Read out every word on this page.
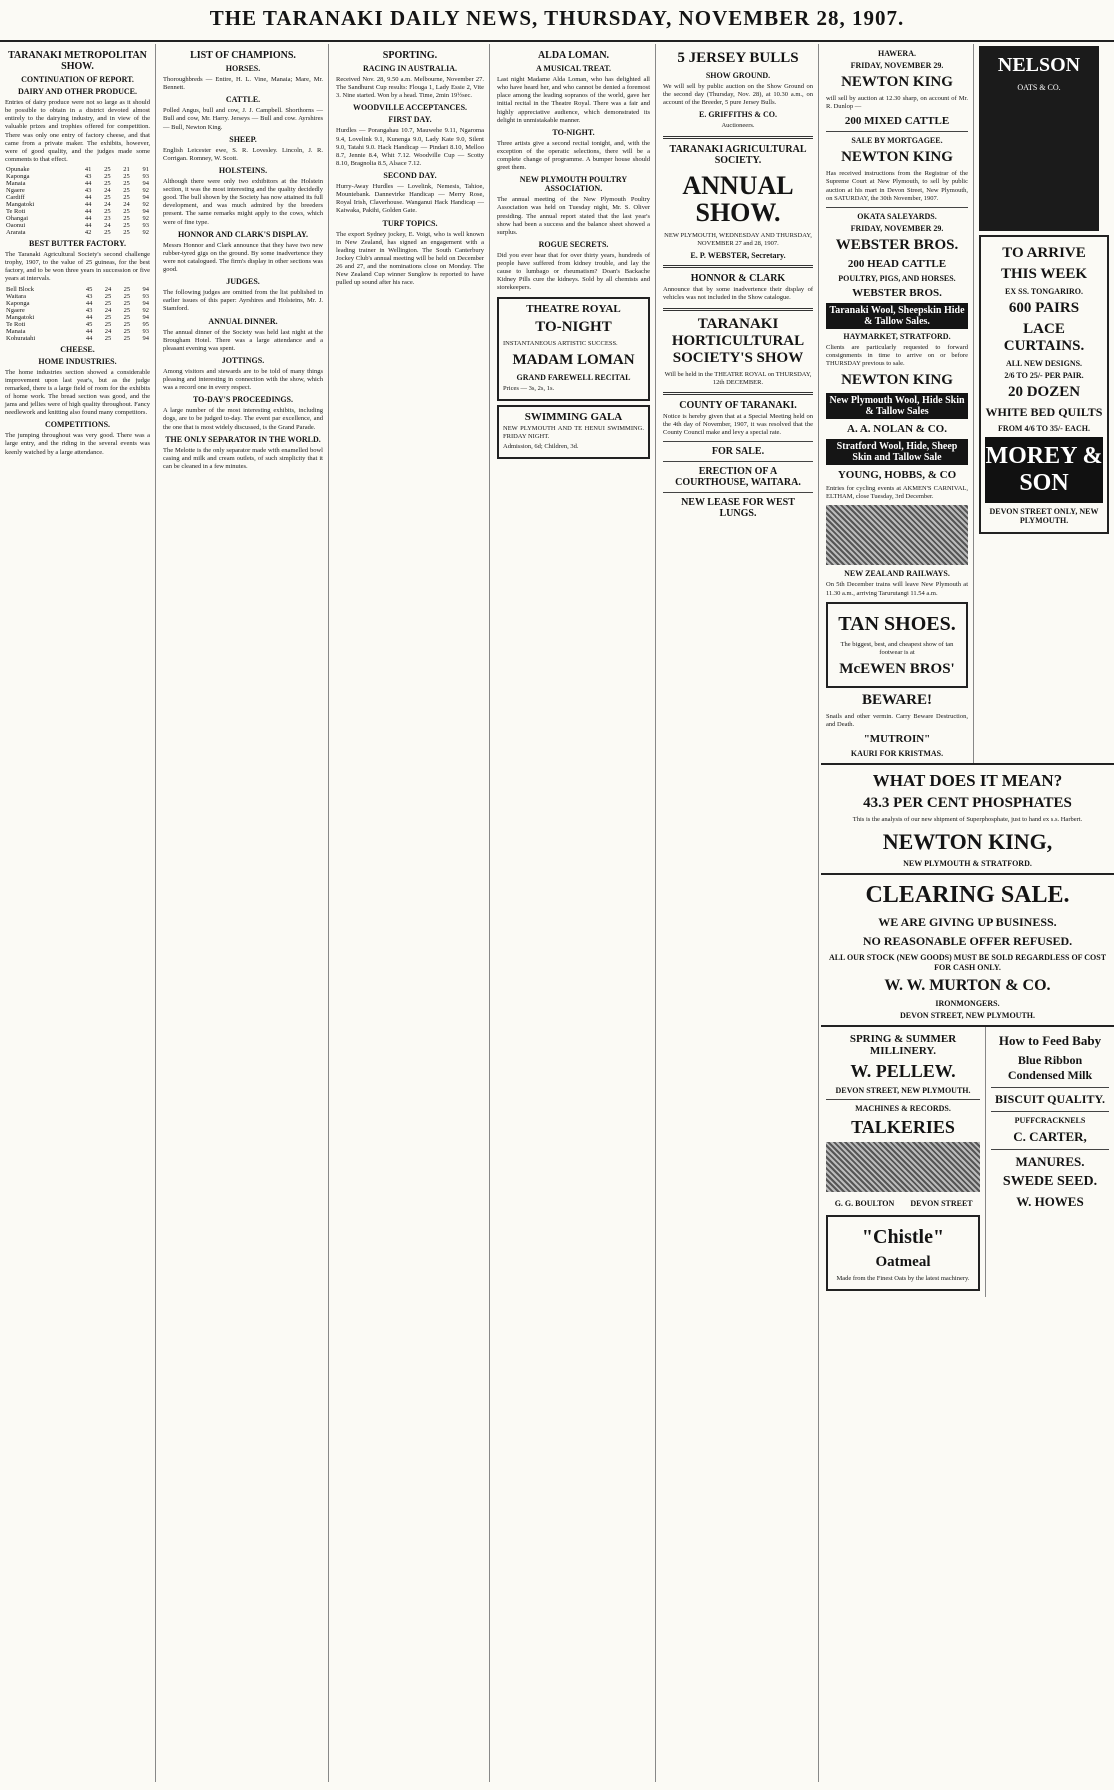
THE TARANAKI DAILY NEWS, THURSDAY, NOVEMBER 28, 1907.
TARANAKI METROPOLITAN SHOW.
CONTINUATION OF REPORT.
DAIRY AND OTHER PRODUCE.

Entries of dairy produce were not so large as it should be possible to obtain in a district devoted almost entirely to the dairying industry, and in view of the valuable prizes and trophies offered for competition. There was only one entry of factory cheese, and that came from a private maker. The exhibits, however, were of good quality, and the judges made some comments to that effect.

Opunake	41	25	21	91
Kaponga	43	25	25	93
Manaia	44	25	25	94
Ngaere	43	24	25	92
Cardiff	44	25	25	94
Mangatoki	44	24	24	92
Te Roti	44	25	25	94
Ohangai	44	23	25	92
Oaonui	44	24	25	93
Ararata	42	25	25	92
BEST BUTTER FACTORY.

The Taranaki Agricultural Society's second challenge trophy, 1907, to the value of 25 guineas, for the best factory, and to be won three years in succession or five years at intervals.

Bell Block	45	24	25	94
Waitara	43	25	25	93
Kaponga	44	25	25	94
Ngaere	43	24	25	92
Mangatoki	44	25	25	94
Te Roti	45	25	25	95
Manaia	44	24	25	93
Kohuratahi	44	25	25	94
CHEESE.
HOME INDUSTRIES.

The home industries section showed a considerable improvement upon last year's, but as the judge remarked, there is a large field of room for the exhibits of home work. The bread section was good, and the jams and jellies were of high quality throughout. Fancy needlework and knitting also found many competitors.

COMPETITIONS.

The jumping throughout was very good. There was a large entry, and the riding in the several events was keenly watched by a large attendance.

LIST OF CHAMPIONS.
HORSES.

Thoroughbreds — Entire, H. L. Vine, Manaia; Mare, Mr. Bennett.

CATTLE.

Polled Angus, bull and cow, J. J. Campbell. Shorthorns — Bull and cow, Mr. Harry. Jerseys — Bull and cow. Ayrshires — Bull, Newton King.

SHEEP.

English Leicester ewe, S. R. Lovesley. Lincoln, J. R. Corrigan. Romney, W. Scott.

HOLSTEINS.

Although there were only two exhibitors at the Holstein section, it was the most interesting and the quality decidedly good. The bull shown by the Society has now attained its full development, and was much admired by the breeders present. The same remarks might apply to the cows, which were of fine type.

HONNOR AND CLARK'S DISPLAY.

Messrs Honnor and Clark announce that they have two new rubber-tyred gigs on the ground. By some inadvertence they were not catalogued. The firm's display in other sections was good.

JUDGES.

The following judges are omitted from the list published in earlier issues of this paper: Ayrshires and Holsteins, Mr. J. Stamford.

ANNUAL DINNER.

The annual dinner of the Society was held last night at the Brougham Hotel. There was a large attendance and a pleasant evening was spent.

JOTTINGS.

Among visitors and stewards are to be told of many things pleasing and interesting in connection with the show, which was a record one in every respect.

TO-DAY'S PROCEEDINGS.

A large number of the most interesting exhibits, including dogs, are to be judged to-day. The event par excellence, and the one that is most widely discussed, is the Grand Parade.

THE ONLY SEPARATOR IN THE WORLD.

The Melotte is the only separator made with enamelled bowl casing and milk and cream outlets, of such simplicity that it can be cleaned in a few minutes.

SPORTING.
RACING IN AUSTRALIA.

Received Nov. 28, 9.50 a.m. Melbourne, November 27. The Sandhurst Cup results: Flouga 1, Lady Essie 2, Vite 3. Nine started. Won by a head. Time, 2min 19½sec.

WOODVILLE ACCEPTANCES.
FIRST DAY.

Hurdles — Porangahau 10.7, Mauwehe 9.11, Ngaroma 9.4, Lovelink 9.1, Kunenga 9.0, Lady Kate 9.0, Silent 9.0, Tatahi 9.0. Hack Handicap — Pindari 8.10, Melloo 8.7, Jennie 8.4, Whit 7.12. Woodville Cup — Scotty 8.10, Bragnolia 8.5, Alsace 7.12.

SECOND DAY.

Hurry-Away Hurdles — Lovelink, Nemesis, Tahioe, Mountebank. Dannevirke Handicap — Merry Rose, Royal Irish, Claverhouse. Wanganui Hack Handicap — Kaiwaka, Pakihi, Golden Gate.

TURF TOPICS.

The export Sydney jockey, E. Voigt, who is well known in New Zealand, has signed an engagement with a leading trainer in Wellington. The South Canterbury Jockey Club's annual meeting will be held on December 26 and 27, and the nominations close on Monday. The New Zealand Cup winner Sunglow is reported to have pulled up sound after his race.

ALDA LOMAN.
A MUSICAL TREAT.

Last night Madame Alda Loman, who has delighted all who have heard her, and who cannot be denied a foremost place among the leading sopranos of the world, gave her initial recital in the Theatre Royal. There was a fair and highly appreciative audience, which demonstrated its delight in unmistakable manner.

TO-NIGHT.

Three artists give a second recital tonight, and, with the exception of the operatic selections, there will be a complete change of programme. A bumper house should greet them.

NEW PLYMOUTH POULTRY ASSOCIATION.

The annual meeting of the New Plymouth Poultry Association was held on Tuesday night, Mr. S. Oliver presiding. The annual report stated that the last year's show had been a success and the balance sheet showed a surplus.

ROGUE SECRETS.

Did you ever hear that for over thirty years, hundreds of people have suffered from kidney trouble, and lay the cause to lumbago or rheumatism? Doan's Backache Kidney Pills cure the kidneys. Sold by all chemists and storekeepers.

THEATRE ROYAL
TO-NIGHT
INSTANTANEOUS ARTISTIC SUCCESS.
MADAM LOMAN
GRAND FAREWELL RECITAL
Prices — 3s, 2s, 1s.
SWIMMING GALA
NEW PLYMOUTH AND TE HENUI SWIMMING. FRIDAY NIGHT.
Admission, 6d; Children, 3d.
5 JERSEY BULLS
SHOW GROUND.

We will sell by public auction on the Show Ground on the second day (Thursday, Nov. 28), at 10.30 a.m., on account of the Breeder, 5 pure Jersey Bulls.

E. GRIFFITHS & CO.
Auctioneers.
TARANAKI AGRICULTURAL SOCIETY.
ANNUAL SHOW.

NEW PLYMOUTH, WEDNESDAY AND THURSDAY, NOVEMBER 27 and 28, 1907.

E. P. WEBSTER, Secretary.
HONNOR & CLARK

Announce that by some inadvertence their display of vehicles was not included in the Show catalogue.

TARANAKI HORTICULTURAL SOCIETY'S SHOW

Will be held in the THEATRE ROYAL on THURSDAY, 12th DECEMBER.

COUNTY OF TARANAKI.

Notice is hereby given that at a Special Meeting held on the 4th day of November, 1907, it was resolved that the County Council make and levy a special rate.

FOR SALE.
ERECTION OF A COURTHOUSE, WAITARA.
NEW LEASE FOR WEST LUNGS.
HAWERA.
FRIDAY, NOVEMBER 29.
NEWTON KING

will sell by auction at 12.30 sharp, on account of Mr. R. Dunlop —

200 MIXED CATTLE
SALE BY MORTGAGEE.
NEWTON KING

Has received instructions from the Registrar of the Supreme Court at New Plymouth, to sell by public auction at his mart in Devon Street, New Plymouth, on SATURDAY, the 30th November, 1907.

OKATA SALEYARDS.
FRIDAY, NOVEMBER 29.
WEBSTER BROS.
200 HEAD CATTLE
POULTRY, PIGS, AND HORSES.
WEBSTER BROS.
Taranaki Wool, Sheepskin Hide & Tallow Sales.
HAYMARKET, STRATFORD.

Clients are particularly requested to forward consignments in time to arrive on or before THURSDAY previous to sale.

NEWTON KING
New Plymouth Wool, Hide Skin & Tallow Sales
A. A. NOLAN & CO.
Stratford Wool, Hide, Sheep Skin and Tallow Sale
YOUNG, HOBBS, & CO

Entries for cycling events at AKMEN'S CARNIVAL, ELTHAM, close Tuesday, 3rd December.

NEW ZEALAND RAILWAYS.

On 5th December trains will leave New Plymouth at 11.30 a.m., arriving Tarurutangi 11.54 a.m.

TAN SHOES.

The biggest, best, and cheapest show of tan footwear is at

McEWEN BROS'
BEWARE!

Snails and other vermin. Carry Beware Destruction, and Death.

"MUTROIN"
KAURI FOR KRISTMAS.
NELSON
OATS & CO.
TO ARRIVE
THIS WEEK
EX SS. TONGARIRO.
600 PAIRS
LACE CURTAINS.
ALL NEW DESIGNS.
2/6 TO 25/- PER PAIR.
20 DOZEN
WHITE BED QUILTS
FROM 4/6 TO 35/- EACH.
MOREY & SON
DEVON STREET ONLY, NEW PLYMOUTH.
WHAT DOES IT MEAN?
43.3 PER CENT PHOSPHATES

This is the analysis of our new shipment of Superphosphate, just to hand ex s.s. Harbert.

NEWTON KING,
NEW PLYMOUTH & STRATFORD.
CLEARING SALE.
WE ARE GIVING UP BUSINESS.
NO REASONABLE OFFER REFUSED.

ALL OUR STOCK (NEW GOODS) MUST BE SOLD REGARDLESS OF COST FOR CASH ONLY.

W. W. MURTON & CO.
IRONMONGERS.
DEVON STREET, NEW PLYMOUTH.
SPRING & SUMMER MILLINERY.
W. PELLEW.
DEVON STREET, NEW PLYMOUTH.
MACHINES & RECORDS.
TALKERIES
G. G. BOULTON	DEVON STREET
"Chistle"
Oatmeal

Made from the Finest Oats by the latest machinery.

How to Feed Baby
Blue Ribbon Condensed Milk
BISCUIT QUALITY.
PUFFCRACKNELS
C. CARTER,
MANURES.
SWEDE SEED.
W. HOWES
